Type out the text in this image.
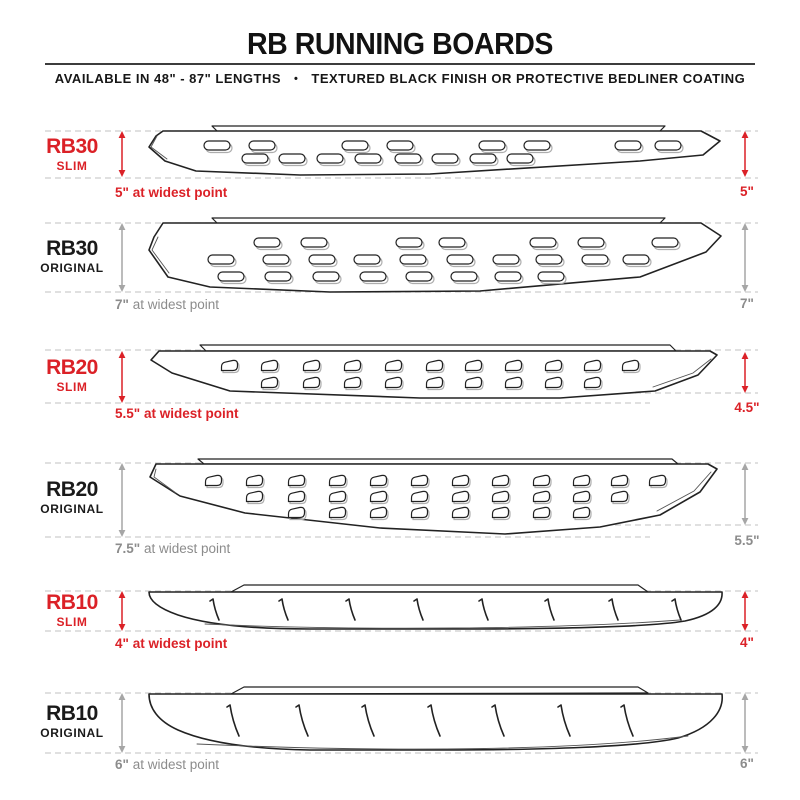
RB RUNNING BOARDS
AVAILABLE IN 48" - 87" LENGTHS • TEXTURED BLACK FINISH OR PROTECTIVE BEDLINER COATING
RB30
SLIM
5" at widest point	5"
RB30
ORIGINAL
7" at widest point	7"
RB20
SLIM
5.5" at widest point	4.5"
RB20
ORIGINAL
7.5" at widest point
5.5"
RB10
SLIM
4" at widest point	4"
RB10
ORIGINAL
6" at widest point	6"
